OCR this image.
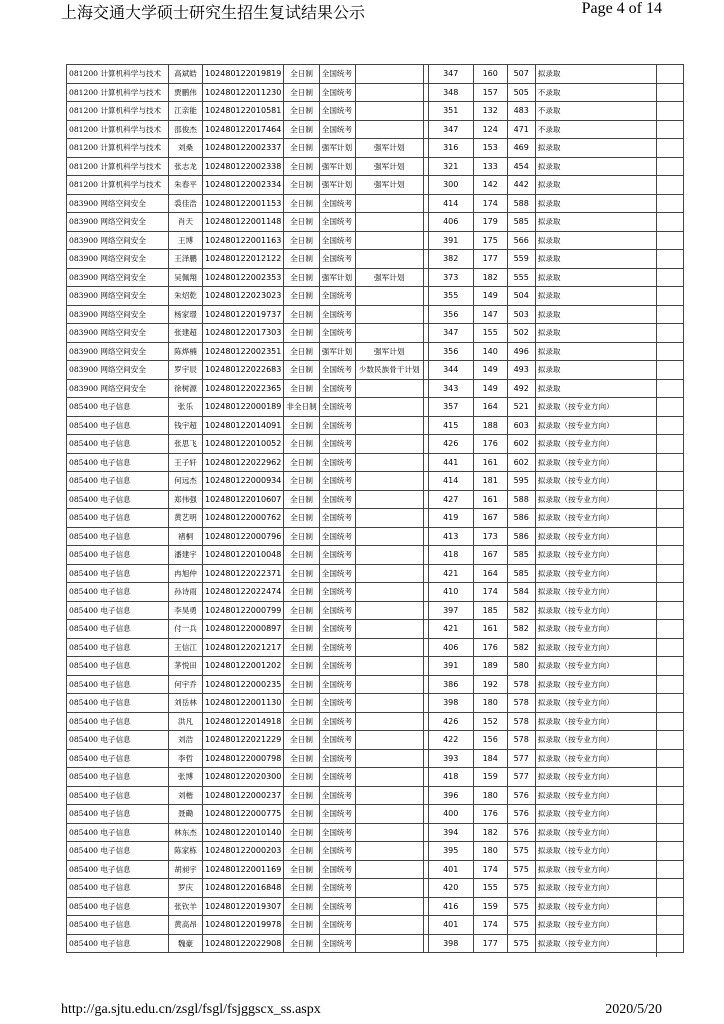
上海交通大学硕士研究生招生复试结果公示	Page 4 of 14
081200 计算机科学与技术	高斌皓	102480122019819	全日制	全国统考			347	160	507	拟录取
081200 计算机科学与技术	贾鹏伟	102480122011230	全日制	全国统考			348	157	505	不录取
081200 计算机科学与技术	江亲能	102480122010581	全日制	全国统考			351	132	483	不录取
081200 计算机科学与技术	邵俊杰	102480122017464	全日制	全国统考			347	124	471	不录取
081200 计算机科学与技术	刘桑	102480122002337	全日制	强军计划	强军计划		316	153	469	拟录取
081200 计算机科学与技术	张志龙	102480122002338	全日制	强军计划	强军计划		321	133	454	拟录取
081200 计算机科学与技术	朱春平	102480122002334	全日制	强军计划	强军计划		300	142	442	拟录取
083900 网络空间安全	裘佳浩	102480122001153	全日制	全国统考			414	174	588	拟录取
083900 网络空间安全	肖天	102480122001148	全日制	全国统考			406	179	585	拟录取
083900 网络空间安全	王博	102480122001163	全日制	全国统考			391	175	566	拟录取
083900 网络空间安全	王泽鹏	102480122012122	全日制	全国统考			382	177	559	拟录取
083900 网络空间安全	吴佩翔	102480122002353	全日制	强军计划	强军计划		373	182	555	拟录取
083900 网络空间安全	朱炤乾	102480122023023	全日制	全国统考			355	149	504	拟录取
083900 网络空间安全	杨家璟	102480122019737	全日制	全国统考			356	147	503	拟录取
083900 网络空间安全	张建超	102480122017303	全日制	全国统考			347	155	502	拟录取
083900 网络空间安全	陈烨楠	102480122002351	全日制	强军计划	强军计划		356	140	496	拟录取
083900 网络空间安全	罗宇辰	102480122022683	全日制	全国统考	少数民族骨干计划		344	149	493	拟录取
083900 网络空间安全	徐树源	102480122022365	全日制	全国统考			343	149	492	拟录取
085400 电子信息	张乐	102480122000189	非全日制	全国统考			357	164	521	拟录取（按专业方向）
085400 电子信息	钱宇超	102480122014091	全日制	全国统考			415	188	603	拟录取（按专业方向）
085400 电子信息	张思飞	102480122010052	全日制	全国统考			426	176	602	拟录取（按专业方向）
085400 电子信息	王子轩	102480122022962	全日制	全国统考			441	161	602	拟录取（按专业方向）
085400 电子信息	何远杰	102480122000934	全日制	全国统考			414	181	595	拟录取（按专业方向）
085400 电子信息	郑伟强	102480122010607	全日制	全国统考			427	161	588	拟录取（按专业方向）
085400 电子信息	黄艺明	102480122000762	全日制	全国统考			419	167	586	拟录取（按专业方向）
085400 电子信息	褚桐	102480122000796	全日制	全国统考			413	173	586	拟录取（按专业方向）
085400 电子信息	潘建宇	102480122010048	全日制	全国统考			418	167	585	拟录取（按专业方向）
085400 电子信息	冉旭仲	102480122022371	全日制	全国统考			421	164	585	拟录取（按专业方向）
085400 电子信息	孙诗雨	102480122022474	全日制	全国统考			410	174	584	拟录取（按专业方向）
085400 电子信息	李昊勇	102480122000799	全日制	全国统考			397	185	582	拟录取（按专业方向）
085400 电子信息	付一兵	102480122000897	全日制	全国统考			421	161	582	拟录取（按专业方向）
085400 电子信息	王信江	102480122021217	全日制	全国统考			406	176	582	拟录取（按专业方向）
085400 电子信息	茅悦田	102480122001202	全日制	全国统考			391	189	580	拟录取（按专业方向）
085400 电子信息	何宇乔	102480122000235	全日制	全国统考			386	192	578	拟录取（按专业方向）
085400 电子信息	刘岳林	102480122001130	全日制	全国统考			398	180	578	拟录取（按专业方向）
085400 电子信息	洪凡	102480122014918	全日制	全国统考			426	152	578	拟录取（按专业方向）
085400 电子信息	刘浩	102480122021229	全日制	全国统考			422	156	578	拟录取（按专业方向）
085400 电子信息	李哲	102480122000798	全日制	全国统考			393	184	577	拟录取（按专业方向）
085400 电子信息	张博	102480122020300	全日制	全国统考			418	159	577	拟录取（按专业方向）
085400 电子信息	刘楷	102480122000237	全日制	全国统考			396	180	576	拟录取（按专业方向）
085400 电子信息	聂磡	102480122000775	全日制	全国统考			400	176	576	拟录取（按专业方向）
085400 电子信息	林东杰	102480122010140	全日制	全国统考			394	182	576	拟录取（按专业方向）
085400 电子信息	陈家栋	102480122000203	全日制	全国统考			395	180	575	拟录取（按专业方向）
085400 电子信息	胡昶宇	102480122001169	全日制	全国统考			401	174	575	拟录取（按专业方向）
085400 电子信息	罗庆	102480122016848	全日制	全国统考			420	155	575	拟录取（按专业方向）
085400 电子信息	张钦羊	102480122019307	全日制	全国统考			416	159	575	拟录取（按专业方向）
085400 电子信息	黄高昂	102480122019978	全日制	全国统考			401	174	575	拟录取（按专业方向）
085400 电子信息	魏豪	102480122022908	全日制	全国统考			398	177	575	拟录取（按专业方向）
http://ga.sjtu.edu.cn/zsgl/fsgl/fsjggscx_ss.aspx	2020/5/20
